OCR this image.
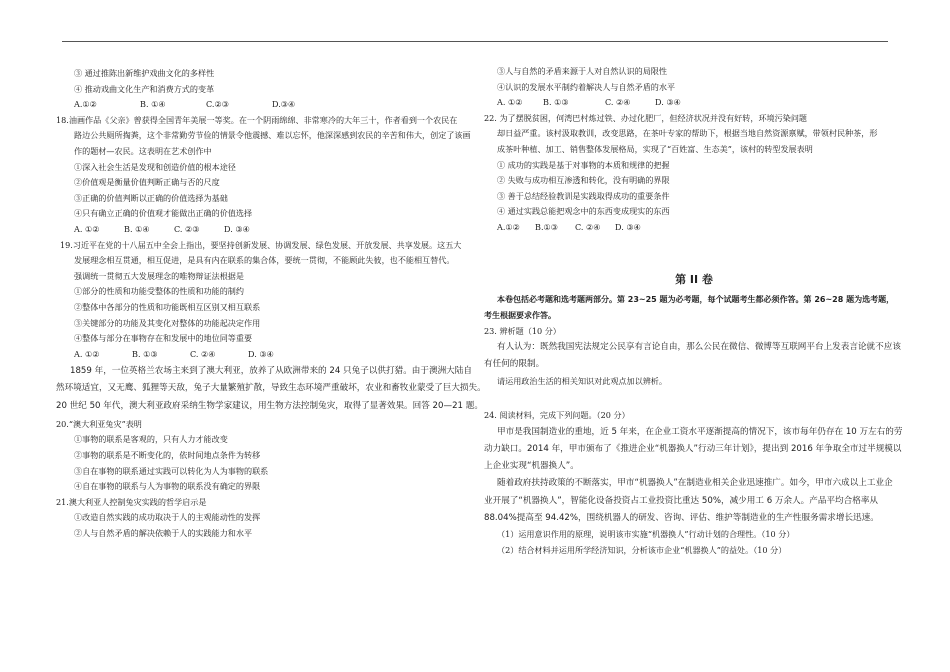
③ 通过推陈出新维护戏曲文化的多样性
④ 推动戏曲文化生产和消费方式的变革
A.①②	B. ①④	C.②③	D.③④
18.油画作品《父亲》曾获得全国青年美展一等奖。在一个阴雨绵绵、非常寒冷的大年三十，作者看到一个农民在
路边公共厕所掏粪，这个非常勤劳节俭的情景令他震撼、难以忘怀，他深深感到农民的辛苦和伟大，创定了该画
作的题材—农民。这表明在艺术创作中
①深入社会生活是发现和创造价值的根本途径
②价值观是衡量价值判断正确与否的尺度
③正确的价值判断以正确的价值选择为基础
④只有确立正确的价值观才能做出正确的价值选择
A. ①②	B. ①④	C. ②③	D. ③④
19.习近平在党的十八届五中全会上指出，要坚持创新发展、协调发展、绿色发展、开放发展、共享发展。这五大
发展理念相互贯通，相互促进，是具有内在联系的集合体，要统一贯彻，不能顾此失彼，也不能相互替代。
强调统一贯彻五大发展理念的唯物辩证法根据是
①部分的性质和功能受整体的性质和功能的制约
②整体中各部分的性质和功能既相互区别又相互联系
③关键部分的功能及其变化对整体的功能起决定作用
④整体与部分在事物存在和发展中的地位同等重要
A. ①②	B. ①③	C. ②④	D. ③④
1859 年，一位英格兰农场主来到了澳大利亚，放养了从欧洲带来的 24 只兔子以供打猎。由于澳洲大陆自
然环境适宜，又无鹰、狐狸等天敌，兔子大量繁殖扩散，导致生态环境严重破坏，农业和畜牧业蒙受了巨大损失。
20 世纪 50 年代，澳大利亚政府采纳生物学家建议，用生物方法控制兔灾，取得了显著效果。回答 20—21 题。
20.“澳大利亚兔灾”表明
①事物的联系是客观的，只有人力才能改变
②事物的联系是不断变化的，依时间地点条件为转移
③自在事物的联系通过实践可以转化为人为事物的联系
④自在事物的联系与人为事物的联系没有确定的界限
21.澳大利亚人控制兔灾实践的哲学启示是
①改造自然实践的成功取决于人的主观能动性的发挥
②人与自然矛盾的解决依赖于人的实践能力和水平
③人与自然的矛盾来源于人对自然认识的局限性
④认识的发展水平制约着解决人与自然矛盾的水平
A. ①②	B. ①③	C. ②④	D. ③④
22. 为了摆脱贫困，何湾巴村炼过铁、办过化肥厂，但经济状况并没有好转，环境污染问题
却日益严重。该村汲取教训，改变思路，在茶叶专家的帮助下，根据当地自然资源禀赋，带领村民种茶，形
成茶叶种植、加工、销售整体发展格局，实现了“百姓富、生态美”，该村的转型发展表明
① 成功的实践是基于对事物的本质和规律的把握
② 失败与成功相互渗透和转化，没有明确的界限
③ 善于总结经验教训是实践取得成功的重要条件
④ 通过实践总能把观念中的东西变成现实的东西
A.①② B.①③ C. ②④ D. ③④
第 II 卷
本卷包括必考题和选考题两部分。第 23~25 题为必考题，每个试题考生都必须作答。第 26~28 题为选考题，
考生根据要求作答。
23. 辨析题（10 分）
有人认为：既然我国宪法规定公民享有言论自由，那么公民在微信、微博等互联网平台上发表言论就不应该
有任何的限制。
请运用政治生活的相关知识对此观点加以辨析。
24. 阅读材料，完成下列问题。（20 分）
甲市是我国制造业的重地，近 5 年来，在企业工资水平逐渐提高的情况下，该市每年仍存在 10 万左右的劳
动力缺口。2014 年，甲市颁布了《推进企业“机器换人”行动三年计划》，提出到 2016 年争取全市过半规模以
上企业实现“机器换人”。
随着政府扶持政策的不断落实，甲市“机器换人”在制造业相关企业迅速推广。如今，甲市六成以上工业企
业开展了“机器换人”，智能化设备投资占工业投资比重达 50%，减少用工 6 万余人。产品平均合格率从
88.04%提高至 94.42%，围绕机器人的研发、咨询、评估、维护等制造业的生产性服务需求增长迅速。
（1）运用意识作用的原理，说明该市实施“机器换人”行动计划的合理性。（10 分）
（2）结合材料并运用所学经济知识，分析该市企业“机器换人”的益处。（10 分）
